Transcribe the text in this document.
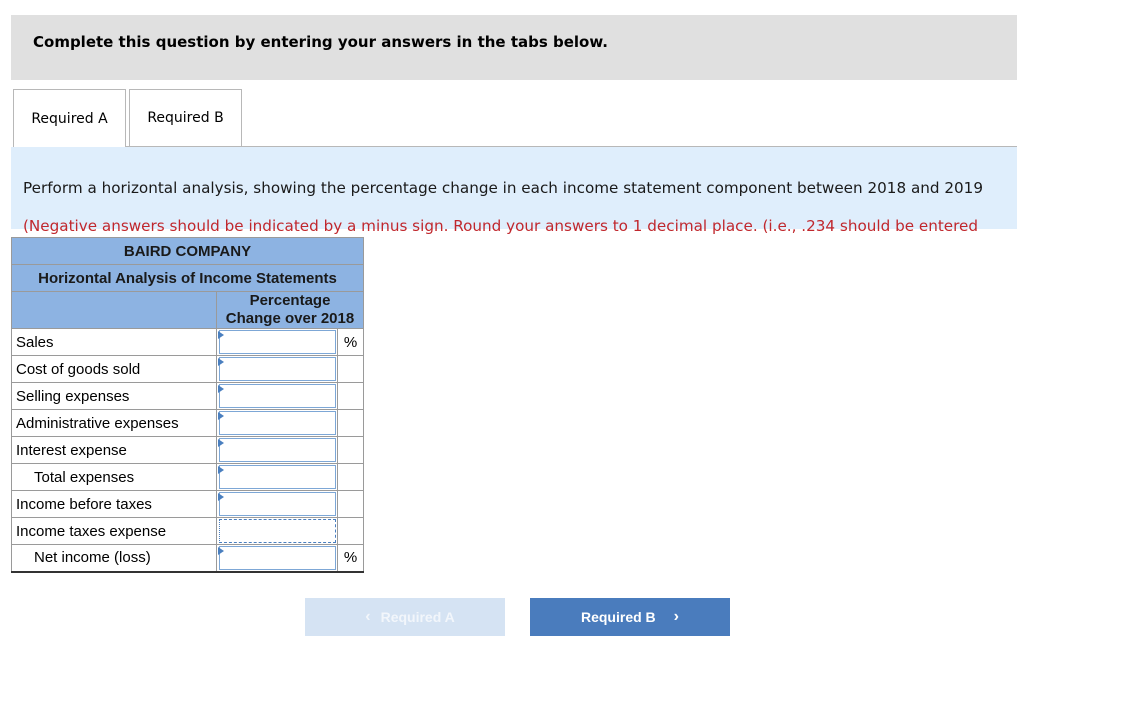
Complete this question by entering your answers in the tabs below.
Required A	Required B

Perform a horizontal analysis, showing the percentage change in each income statement component between 2018 and 2019

(Negative answers should be indicated by a minus sign. Round your answers to 1 decimal place. (i.e., .234 should be entered

BAIRD COMPANY		
Horizontal Analysis of Income Statements		

	Percentage
Change over 2018	

Sales		%
Cost of goods sold	

Selling expenses	

Administrative expenses	

Interest expense	

Total expenses	

Income before taxes	

Income taxes expense	

Net income (loss)		%
‹ Required A	Required B ›
